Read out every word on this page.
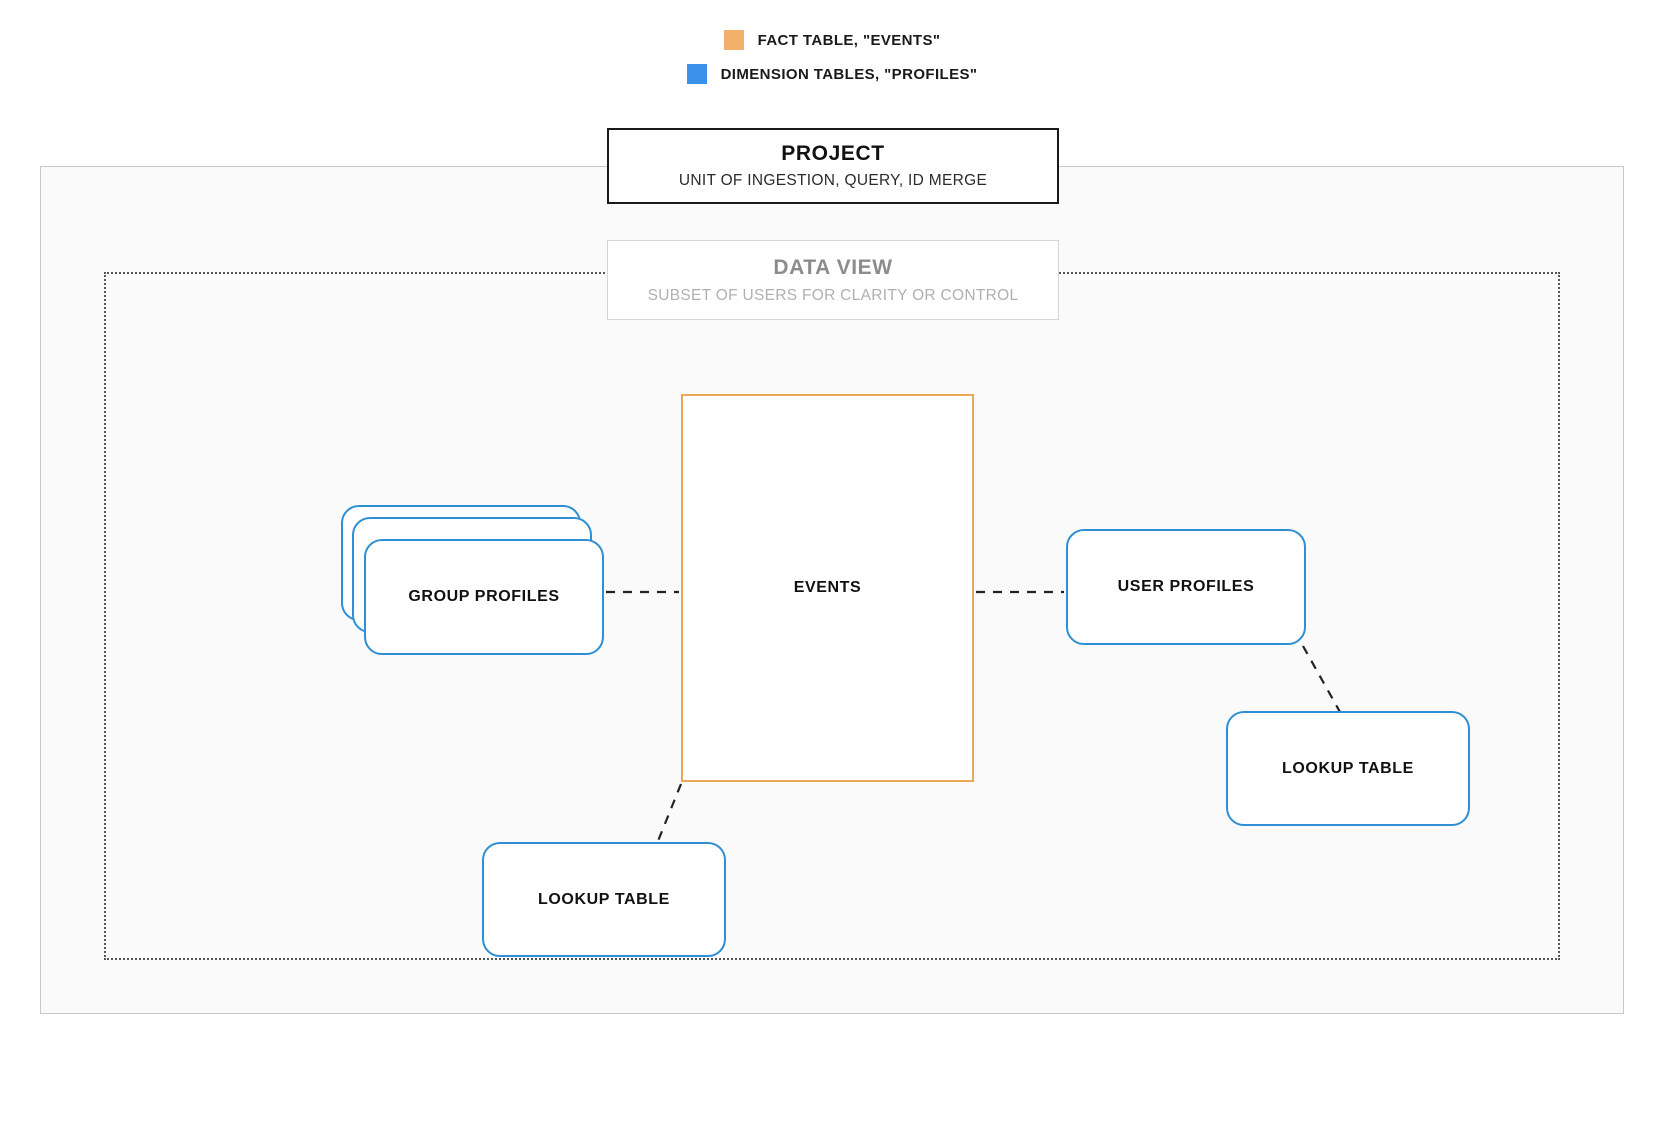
FACT TABLE, "EVENTS"
DIMENSION TABLES, "PROFILES"
PROJECT
UNIT OF INGESTION, QUERY, ID MERGE
DATA VIEW
SUBSET OF USERS FOR CLARITY OR CONTROL
EVENTS
GROUP PROFILES
USER PROFILES
LOOKUP TABLE
LOOKUP TABLE
